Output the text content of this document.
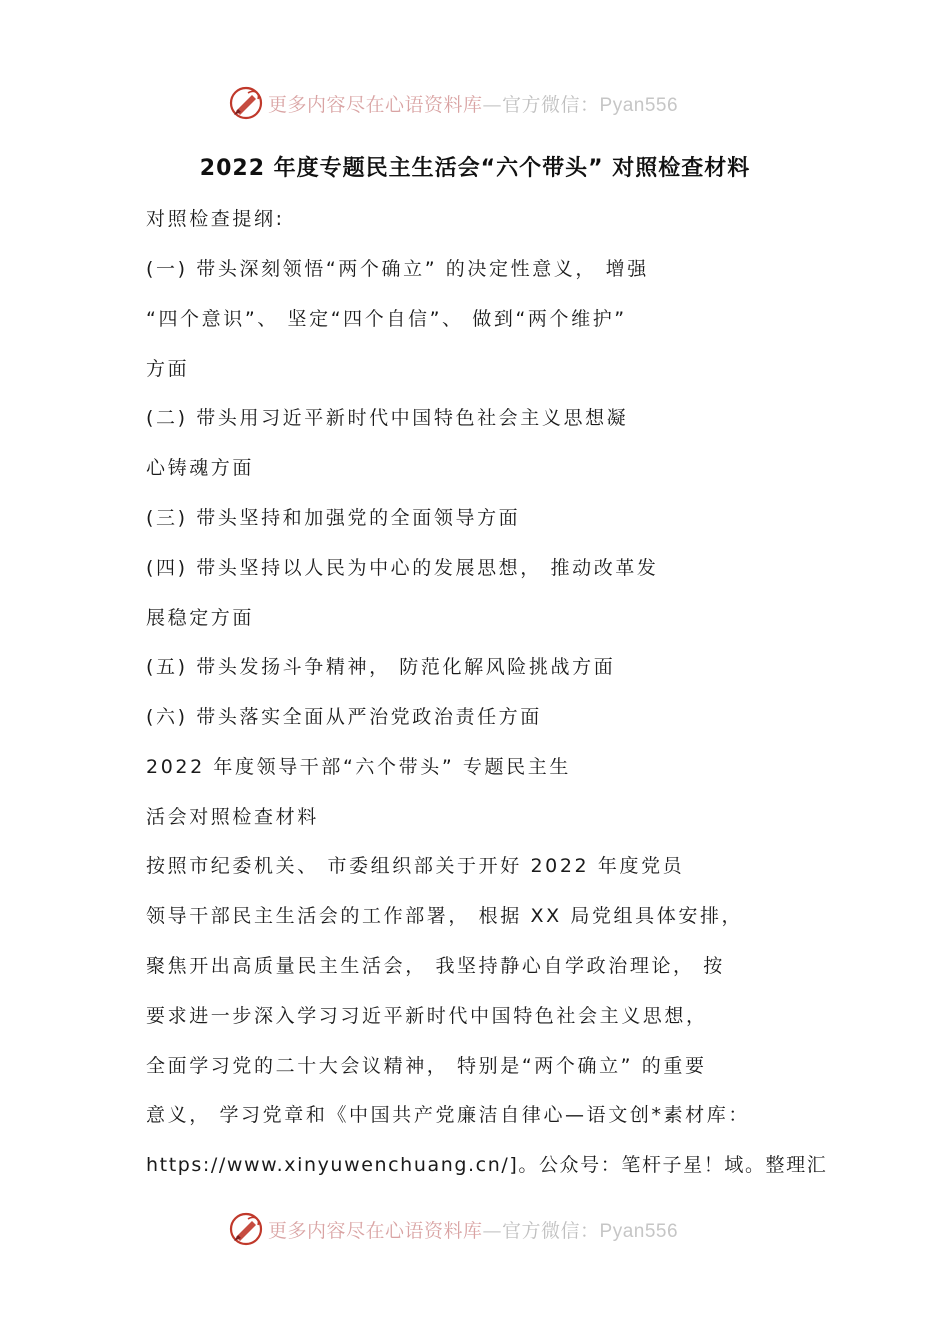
更多内容尽在心语资料库—官方微信：Pyan556
2022 年度专题民主生活会“六个带头” 对照检查材料
对照检查提纲:
(一) 带头深刻领悟“两个确立” 的决定性意义， 增强
“四个意识”、 坚定“四个自信”、 做到“两个维护”
方面
(二) 带头用习近平新时代中国特色社会主义思想凝
心铸魂方面
(三) 带头坚持和加强党的全面领导方面
(四) 带头坚持以人民为中心的发展思想， 推动改革发
展稳定方面
(五) 带头发扬斗争精神， 防范化解风险挑战方面
(六) 带头落实全面从严治党政治责任方面
2022 年度领导干部“六个带头” 专题民主生
活会对照检查材料
按照市纪委机关、 市委组织部关于开好 2022 年度党员
领导干部民主生活会的工作部署， 根据 XX 局党组具体安排，
聚焦开出高质量民主生活会， 我坚持静心自学政治理论， 按
要求进一步深入学习习近平新时代中国特色社会主义思想，
全面学习党的二十大会议精神， 特别是“两个确立” 的重要
意义， 学习党章和《中国共产党廉洁自律心—语文创*素材库：
https://www.xinyuwenchuang.cn/]。公众号：笔杆子星！域。整理汇
更多内容尽在心语资料库—官方微信：Pyan556
